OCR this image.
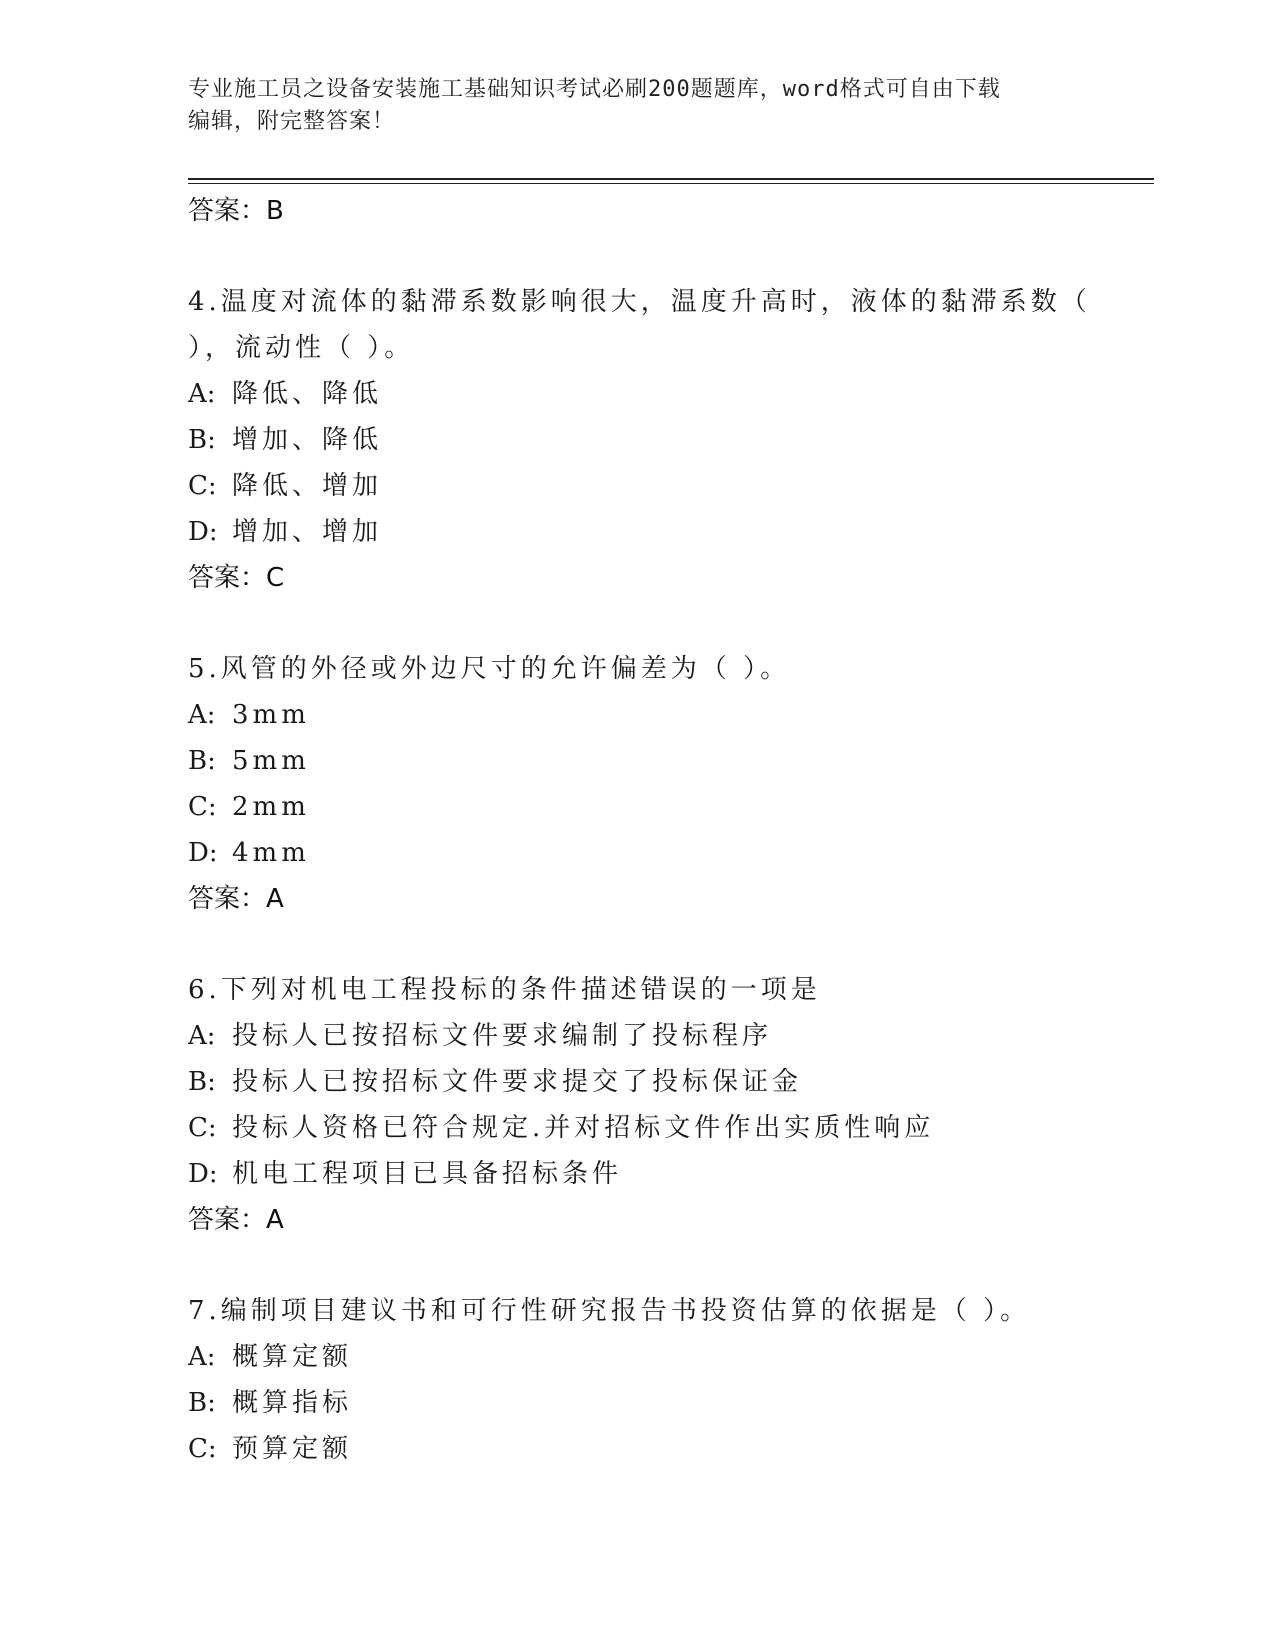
专业施工员之设备安装施工基础知识考试必刷200题题库，word格式可自由下载
编辑，附完整答案！
答案：B
4.温度对流体的黏滞系数影响很大，温度升高时，液体的黏滞系数（
），流动性（ ）。
A: 降低、降低
B: 增加、降低
C: 降低、增加
D: 增加、增加
答案：C
5.风管的外径或外边尺寸的允许偏差为（ ）。
A: 3mm
B: 5mm
C: 2mm
D: 4mm
答案：A
6.下列对机电工程投标的条件描述错误的一项是
A: 投标人已按招标文件要求编制了投标程序
B: 投标人已按招标文件要求提交了投标保证金
C: 投标人资格已符合规定.并对招标文件作出实质性响应
D: 机电工程项目已具备招标条件
答案：A
7.编制项目建议书和可行性研究报告书投资估算的依据是（ ）。
A: 概算定额
B: 概算指标
C: 预算定额
